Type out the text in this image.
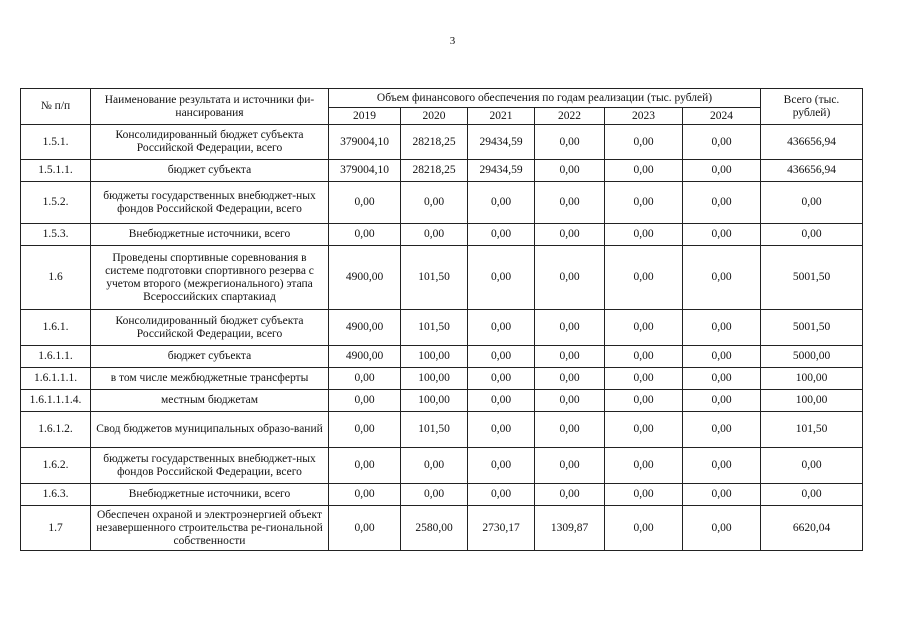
3
№ п/п	Наименование результата и источники фи-нансирования	Объем финансового обеспечения по годам реализации (тыс. рублей)						Всего (тыс. рублей)
		2019	2020	2021	2022	2023	2024	
1.5.1.	Консолидированный бюджет субъекта Российской Федерации, всего	379004,10	28218,25	29434,59	0,00	0,00	0,00	436656,94
1.5.1.1.	бюджет субъекта	379004,10	28218,25	29434,59	0,00	0,00	0,00	436656,94
1.5.2.	бюджеты государственных внебюджет-ных фондов Российской Федерации, всего	0,00	0,00	0,00	0,00	0,00	0,00	0,00
1.5.3.	Внебюджетные источники, всего	0,00	0,00	0,00	0,00	0,00	0,00	0,00
1.6	Проведены спортивные соревнования в системе подготовки спортивного резерва с учетом второго (межрегионального) этапа Всероссийских спартакиад	4900,00	101,50	0,00	0,00	0,00	0,00	5001,50
1.6.1.	Консолидированный бюджет субъекта Российской Федерации, всего	4900,00	101,50	0,00	0,00	0,00	0,00	5001,50
1.6.1.1.	бюджет субъекта	4900,00	100,00	0,00	0,00	0,00	0,00	5000,00
1.6.1.1.1.	в том числе межбюджетные трансферты	0,00	100,00	0,00	0,00	0,00	0,00	100,00
1.6.1.1.1.4.	местным бюджетам	0,00	100,00	0,00	0,00	0,00	0,00	100,00
1.6.1.2.	Свод бюджетов муниципальных образо-ваний	0,00	101,50	0,00	0,00	0,00	0,00	101,50
1.6.2.	бюджеты государственных внебюджет-ных фондов Российской Федерации, всего	0,00	0,00	0,00	0,00	0,00	0,00	0,00
1.6.3.	Внебюджетные источники, всего	0,00	0,00	0,00	0,00	0,00	0,00	0,00
1.7	Обеспечен охраной и электроэнергией объект незавершенного строительства ре-гиональной собственности	0,00	2580,00	2730,17	1309,87	0,00	0,00	6620,04
